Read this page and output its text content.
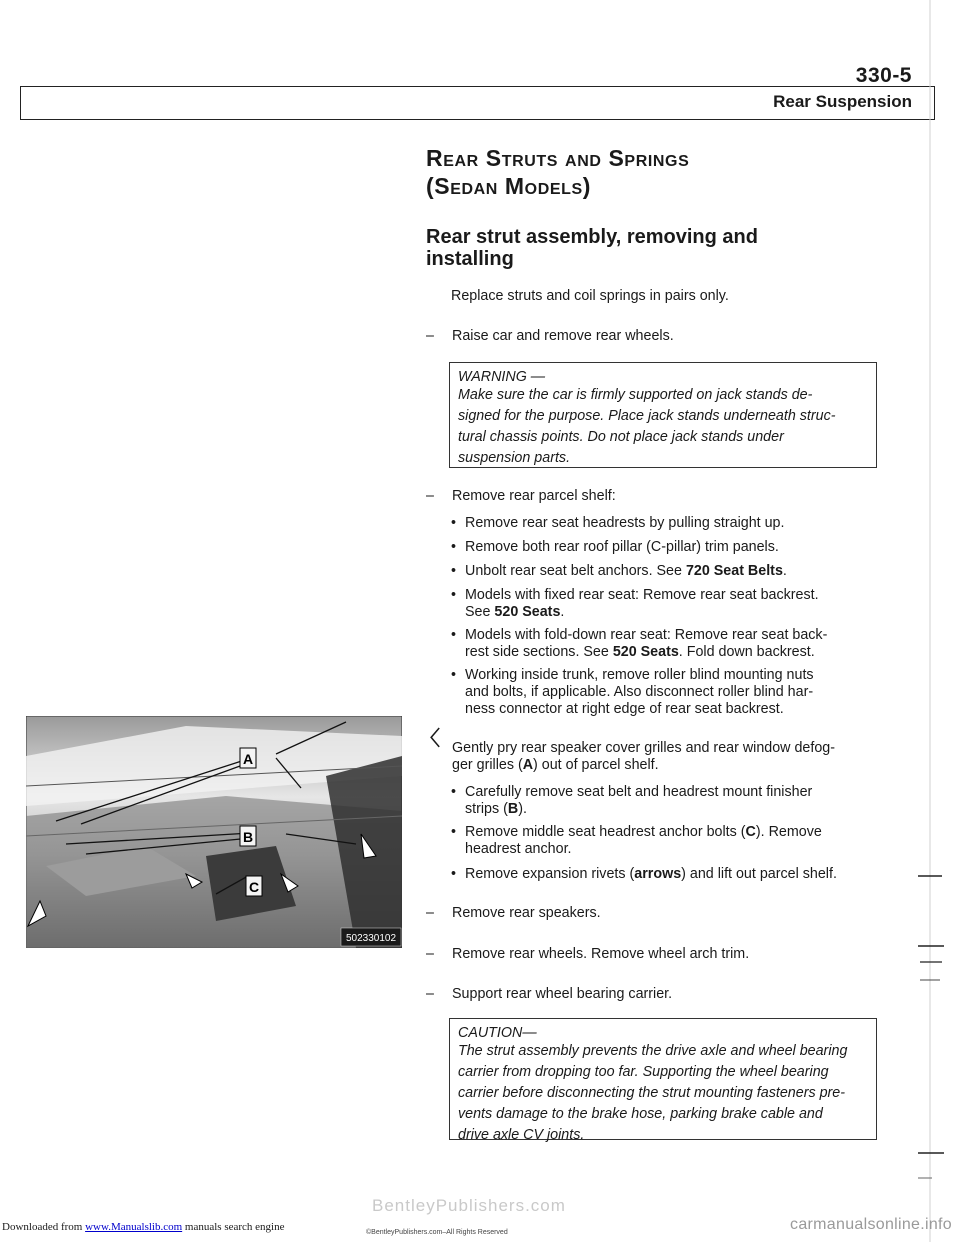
330-5
Rear Suspension
Rear Struts and Springs
(Sedan Models)
Rear strut assembly, removing and
installing
Replace struts and coil springs in pairs only.
– Raise car and remove rear wheels.
WARNING —
Make sure the car is firmly supported on jack stands de-
signed for the purpose. Place jack stands underneath struc-
tural chassis points. Do not place jack stands under
suspension parts.
– Remove rear parcel shelf:
• Remove rear seat headrests by pulling straight up.
• Remove both rear roof pillar (C-pillar) trim panels.
• Unbolt rear seat belt anchors. See 720 Seat Belts.
• Models with fixed rear seat: Remove rear seat backrest.
See 520 Seats.
• Models with fold-down rear seat: Remove rear seat back-
rest side sections. See 520 Seats. Fold down backrest.
• Working inside trunk, remove roller blind mounting nuts
and bolts, if applicable. Also disconnect roller blind har-
ness connector at right edge of rear seat backrest.
A
B
C
502330102
〈 Gently pry rear speaker cover grilles and rear window defog-
ger grilles (A) out of parcel shelf.
• Carefully remove seat belt and headrest mount finisher
strips (B).
• Remove middle seat headrest anchor bolts (C). Remove
headrest anchor.
• Remove expansion rivets (arrows) and lift out parcel shelf.
– Remove rear speakers.
– Remove rear wheels. Remove wheel arch trim.
– Support rear wheel bearing carrier.
CAUTION—
The strut assembly prevents the drive axle and wheel bearing
carrier from dropping too far. Supporting the wheel bearing
carrier before disconnecting the strut mounting fasteners pre-
vents damage to the brake hose, parking brake cable and
drive axle CV joints.
BentleyPublishers.com
Downloaded from www.Manualslib.com manuals search engine	©BentleyPublishers.com–All Rights Reserved	carmanualsonline.info
